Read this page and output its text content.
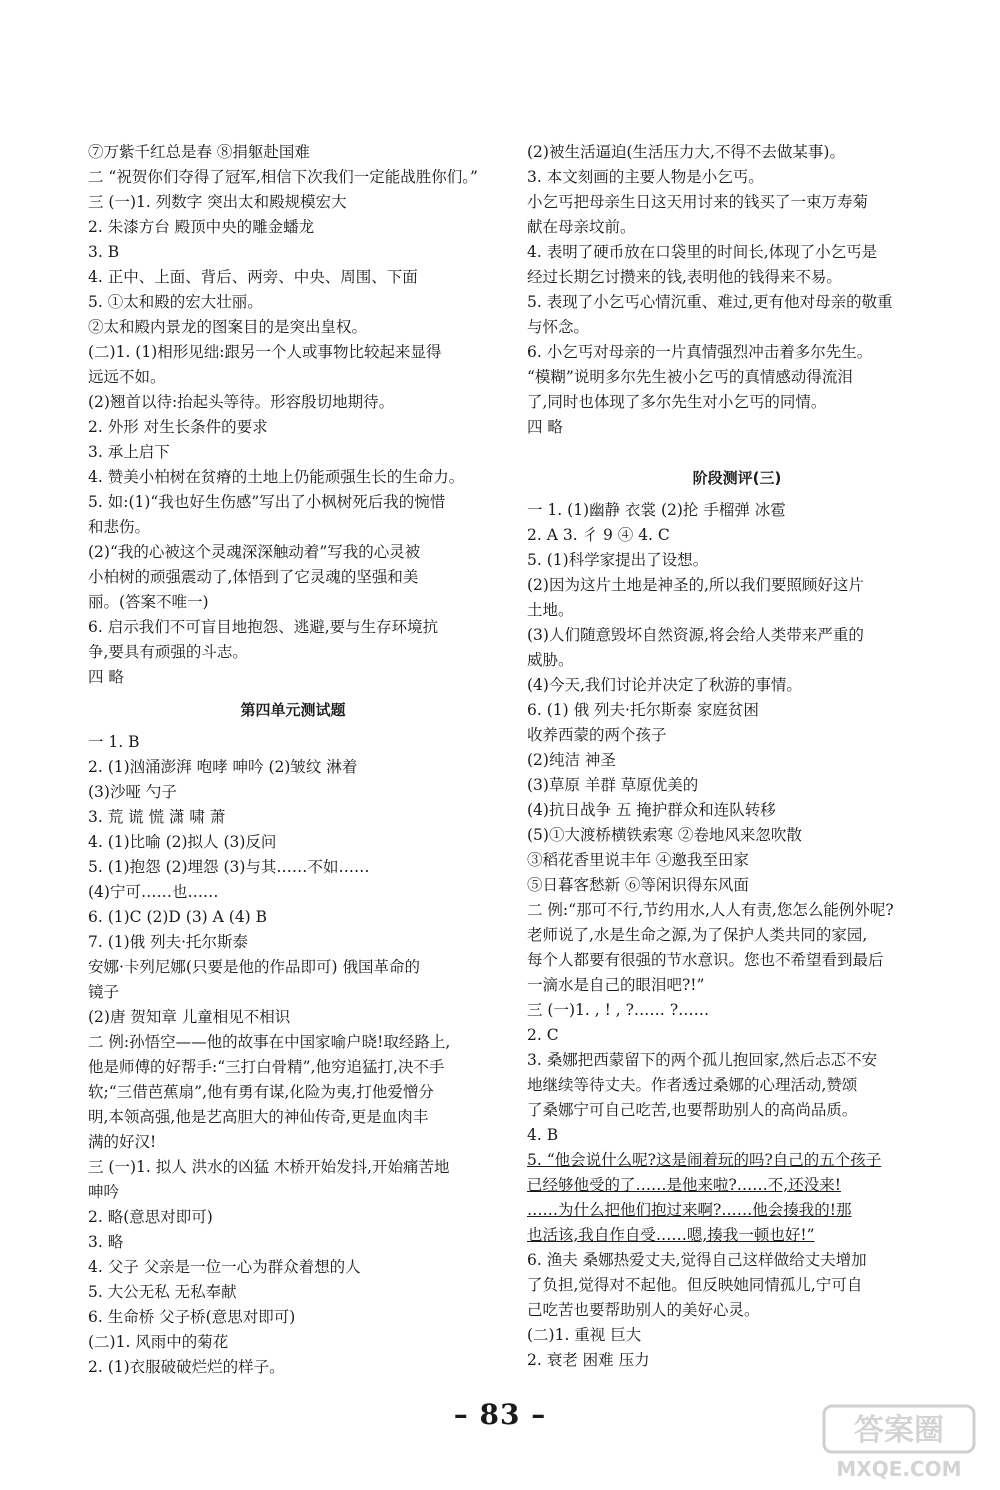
⑦万紫千红总是春 ⑧捐躯赴国难
二 “祝贺你们夺得了冠军,相信下次我们一定能战胜你们。”
三 (一)1. 列数字 突出太和殿规模宏大
2. 朱漆方台 殿顶中央的雕金蟠龙
3. B
4. 正中、上面、背后、两旁、中央、周围、下面
5. ①太和殿的宏大壮丽。
②太和殿内景龙的图案目的是突出皇权。
(二)1. (1)相形见绌:跟另一个人或事物比较起来显得
远远不如。
(2)翘首以待:抬起头等待。形容殷切地期待。
2. 外形 对生长条件的要求
3. 承上启下
4. 赞美小柏树在贫瘠的土地上仍能顽强生长的生命力。
5. 如:(1)“我也好生伤感”写出了小枫树死后我的惋惜
和悲伤。
(2)“我的心被这个灵魂深深触动着”写我的心灵被
小柏树的顽强震动了,体悟到了它灵魂的坚强和美
丽。(答案不唯一)
6. 启示我们不可盲目地抱怨、逃避,要与生存环境抗
争,要具有顽强的斗志。
四 略
第四单元测试题
一 1. B
2. (1)汹涌澎湃 咆哮 呻吟 (2)皱纹 淋着
(3)沙哑 勺子
3. 荒 谎 慌 潇 啸 萧
4. (1)比喻 (2)拟人 (3)反问
5. (1)抱怨 (2)埋怨 (3)与其……不如……
(4)宁可……也……
6. (1)C (2)D (3) A (4) B
7. (1)俄 列夫·托尔斯泰
安娜·卡列尼娜(只要是他的作品即可) 俄国革命的
镜子
(2)唐 贺知章 儿童相见不相识
二 例:孙悟空——他的故事在中国家喻户晓!取经路上,
他是师傅的好帮手:“三打白骨精”,他穷追猛打,决不手
软;“三借芭蕉扇”,他有勇有谋,化险为夷,打他爱憎分
明,本领高强,他是艺高胆大的神仙传奇,更是血肉丰
满的好汉!
三 (一)1. 拟人 洪水的凶猛 木桥开始发抖,开始痛苦地
呻吟
2. 略(意思对即可)
3. 略
4. 父子 父亲是一位一心为群众着想的人
5. 大公无私 无私奉献
6. 生命桥 父子桥(意思对即可)
(二)1. 风雨中的菊花
2. (1)衣服破破烂烂的样子。
(2)被生活逼迫(生活压力大,不得不去做某事)。
3. 本文刻画的主要人物是小乞丐。
小乞丐把母亲生日这天用讨来的钱买了一束万寿菊
献在母亲坟前。
4. 表明了硬币放在口袋里的时间长,体现了小乞丐是
经过长期乞讨攒来的钱,表明他的钱得来不易。
5. 表现了小乞丐心情沉重、难过,更有他对母亲的敬重
与怀念。
6. 小乞丐对母亲的一片真情强烈冲击着多尔先生。
“模糊”说明多尔先生被小乞丐的真情感动得流泪
了,同时也体现了多尔先生对小乞丐的同情。
四 略
阶段测评(三)
一 1. (1)幽静 衣裳 (2)抡 手榴弹 冰雹
2. A 3. 彳 9 ④ 4. C
5. (1)科学家提出了设想。
(2)因为这片土地是神圣的,所以我们要照顾好这片
土地。
(3)人们随意毁坏自然资源,将会给人类带来严重的
威胁。
(4)今天,我们讨论并决定了秋游的事情。
6. (1) 俄 列夫·托尔斯泰 家庭贫困
收养西蒙的两个孩子
(2)纯洁 神圣
(3)草原 羊群 草原优美的
(4)抗日战争 五 掩护群众和连队转移
(5)①大渡桥横铁索寒 ②卷地风来忽吹散
③稻花香里说丰年 ④邀我至田家
⑤日暮客愁新 ⑥等闲识得东风面
二 例:“那可不行,节约用水,人人有责,您怎么能例外呢?
老师说了,水是生命之源,为了保护人类共同的家园,
每个人都要有很强的节水意识。您也不希望看到最后
一滴水是自己的眼泪吧?!”
三 (一)1. , ! , ?…… ?……
2. C
3. 桑娜把西蒙留下的两个孤儿抱回家,然后忐忑不安
地继续等待丈夫。作者透过桑娜的心理活动,赞颂
了桑娜宁可自己吃苦,也要帮助别人的高尚品质。
4. B
5. “他会说什么呢?这是闹着玩的吗?自己的五个孩子
已经够他受的了……是他来啦?……不,还没来!
……为什么把他们抱过来啊?……他会揍我的!那
也活该,我自作自受……嗯,揍我一顿也好!”
6. 渔夫 桑娜热爱丈夫,觉得自己这样做给丈夫增加
了负担,觉得对不起他。但反映她同情孤儿,宁可自
己吃苦也要帮助别人的美好心灵。
(二)1. 重视 巨大
2. 衰老 困难 压力
– 83 –	答案圈
MXQE.COM
